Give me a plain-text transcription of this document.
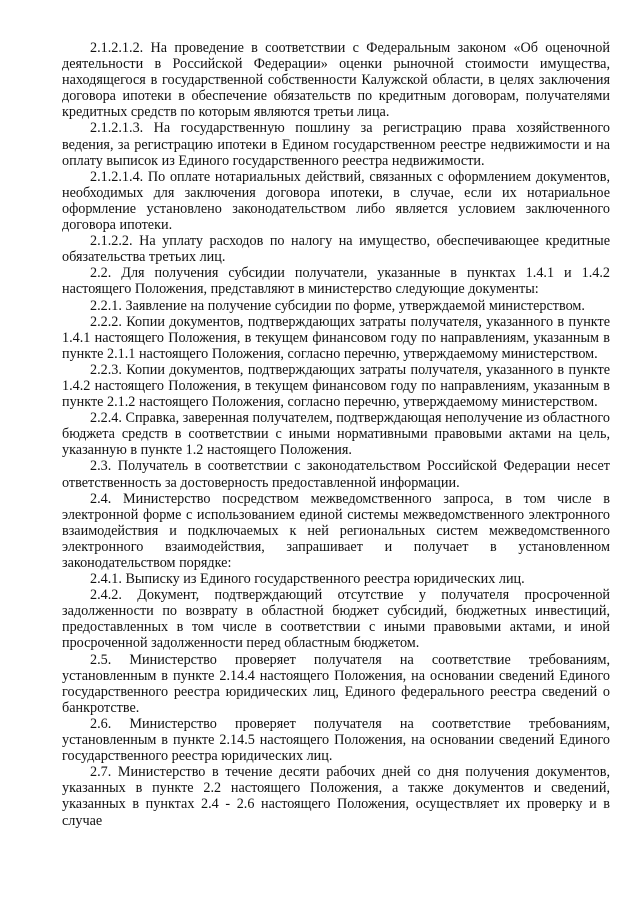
2.1.2.1.2. На проведение в соответствии с Федеральным законом «Об оценочной деятельности в Российской Федерации» оценки рыночной стоимости имущества, находящегося в государственной собственности Калужской области, в целях заключения договора ипотеки в обеспечение обязательств по кредитным договорам, получателями кредитных средств по которым являются третьи лица.

2.1.2.1.3. На государственную пошлину за регистрацию права хозяйственного ведения, за регистрацию ипотеки в Едином государственном реестре недвижимости и на оплату выписок из Единого государственного реестра недвижимости.

2.1.2.1.4. По оплате нотариальных действий, связанных с оформлением документов, необходимых для заключения договора ипотеки, в случае, если их нотариальное оформление установлено законодательством либо является условием заключенного договора ипотеки.

2.1.2.2. На уплату расходов по налогу на имущество, обеспечивающее кредитные обязательства третьих лиц.

2.2. Для получения субсидии получатели, указанные в пунктах 1.4.1 и 1.4.2 настоящего Положения, представляют в министерство следующие документы:

2.2.1. Заявление на получение субсидии по форме, утверждаемой министерством.

2.2.2. Копии документов, подтверждающих затраты получателя, указанного в пункте 1.4.1 настоящего Положения, в текущем финансовом году по направлениям, указанным в пункте 2.1.1 настоящего Положения, согласно перечню, утверждаемому министерством.

2.2.3. Копии документов, подтверждающих затраты получателя, указанного в пункте 1.4.2 настоящего Положения, в текущем финансовом году по направлениям, указанным в пункте 2.1.2 настоящего Положения, согласно перечню, утверждаемому министерством.

2.2.4. Справка, заверенная получателем, подтверждающая неполучение из областного бюджета средств в соответствии с иными нормативными правовыми актами на цель, указанную в пункте 1.2 настоящего Положения.

2.3. Получатель в соответствии с законодательством Российской Федерации несет ответственность за достоверность предоставленной информации.

2.4. Министерство посредством межведомственного запроса, в том числе в электронной форме с использованием единой системы межведомственного электронного взаимодействия и подключаемых к ней региональных систем межведомственного электронного взаимодействия, запрашивает и получает в установленном законодательством порядке:

2.4.1. Выписку из Единого государственного реестра юридических лиц.

2.4.2. Документ, подтверждающий отсутствие у получателя просроченной задолженности по возврату в областной бюджет субсидий, бюджетных инвестиций, предоставленных в том числе в соответствии с иными правовыми актами, и иной просроченной задолженности перед областным бюджетом.

2.5. Министерство проверяет получателя на соответствие требованиям, установленным в пункте 2.14.4 настоящего Положения, на основании сведений Единого государственного реестра юридических лиц, Единого федерального реестра сведений о банкротстве.

2.6. Министерство проверяет получателя на соответствие требованиям, установленным в пункте 2.14.5 настоящего Положения, на основании сведений Единого государственного реестра юридических лиц.

2.7. Министерство в течение десяти рабочих дней со дня получения документов, указанных в пункте 2.2 настоящего Положения, а также документов и сведений, указанных в пунктах 2.4 - 2.6 настоящего Положения, осуществляет их проверку и в случае
